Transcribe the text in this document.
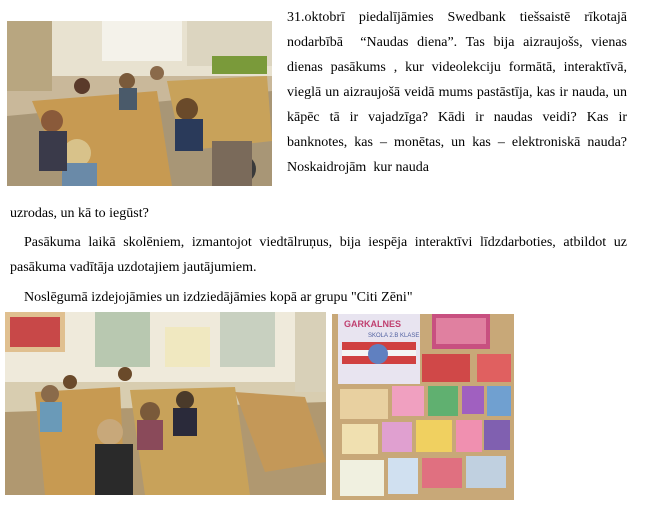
31.oktobrī piedalījāmies Swedbank tiešsaistē rīkotajā nodarbībā  “Naudas diena”. Tas bija aizraujošs, vienas dienas pasākums , kur videolekciju formātā, interaktīvā, vieglā un aizraujošā veidā mums pastāstīja, kas ir nauda, un kāpēc tā ir vajadzīga? Kādi ir naudas veidi? Kas ir banknotes, kas – monētas, un kas – elektroniskā nauda? Noskaidrojām  kur nauda

uzrodas, un kā to iegūst?

Pasākuma laikā skolēniem, izmantojot viedtālruņus, bija iespēja interaktīvi līdzdarboties, atbildot uz pasākuma vadītāja uzdotajiem jautājumiem.

Noslēgumā izdejojāmies un izdziedājāmies kopā ar grupu "Citi Zēni"

GARKALNES
SKOLA 2.B KLASE
